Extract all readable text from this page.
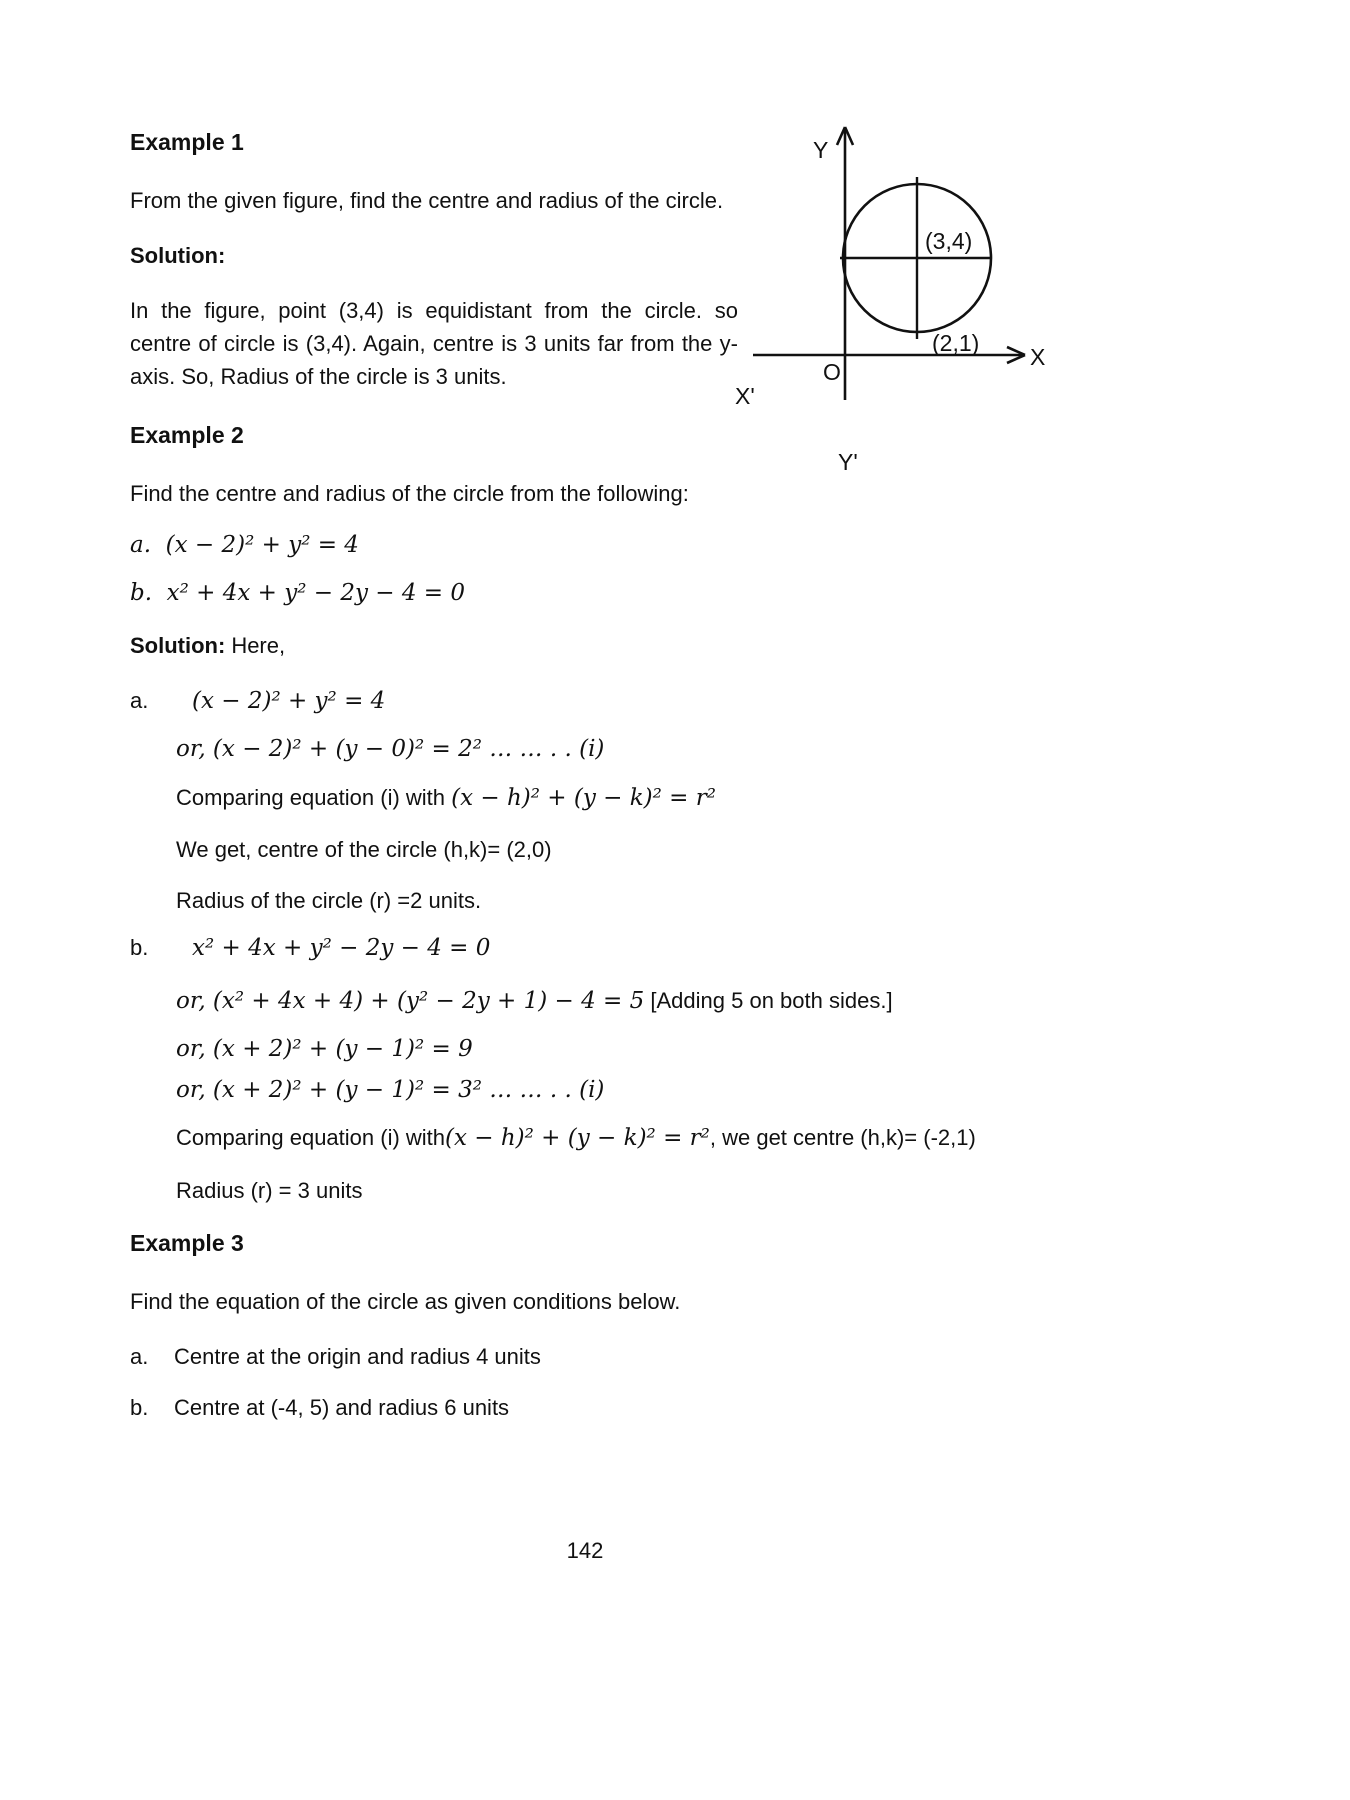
Y
X
O
X'
Y'
(3,4)
(2,1)
Example 1

From the given figure, find the centre and radius of the circle.

Solution:

In the figure, point (3,4) is equidistant from the circle. so centre of circle is (3,4). Again, centre is 3 units far from the y-axis. So, Radius of the circle is 3 units.

Example 2

Find the centre and radius of the circle from the following:

a.  (x − 2)² + y² = 4
b.  x² + 4x + y² − 2y − 4 = 0

Solution: Here,

a.	(x − 2)² + y² = 4
or, (x − 2)² + (y − 0)² = 2² … … . . (i)
Comparing equation (i) with (x − h)² + (y − k)² = r²
We get, centre of the circle (h,k)= (2,0)
Radius of the circle (r) =2 units.
b.	x² + 4x + y² − 2y − 4 = 0
or, (x² + 4x + 4) + (y² − 2y + 1) − 4 = 5 [Adding 5 on both sides.]
or, (x + 2)² + (y − 1)² = 9
or, (x + 2)² + (y − 1)² = 3² … … . . (i)
Comparing equation (i) with(x − h)² + (y − k)² = r², we get centre (h,k)= (-2,1)
Radius (r) = 3 units
Example 3

Find the equation of the circle as given conditions below.

a.	Centre at the origin and radius 4 units
b.	Centre at (-4, 5) and radius 6 units
142
